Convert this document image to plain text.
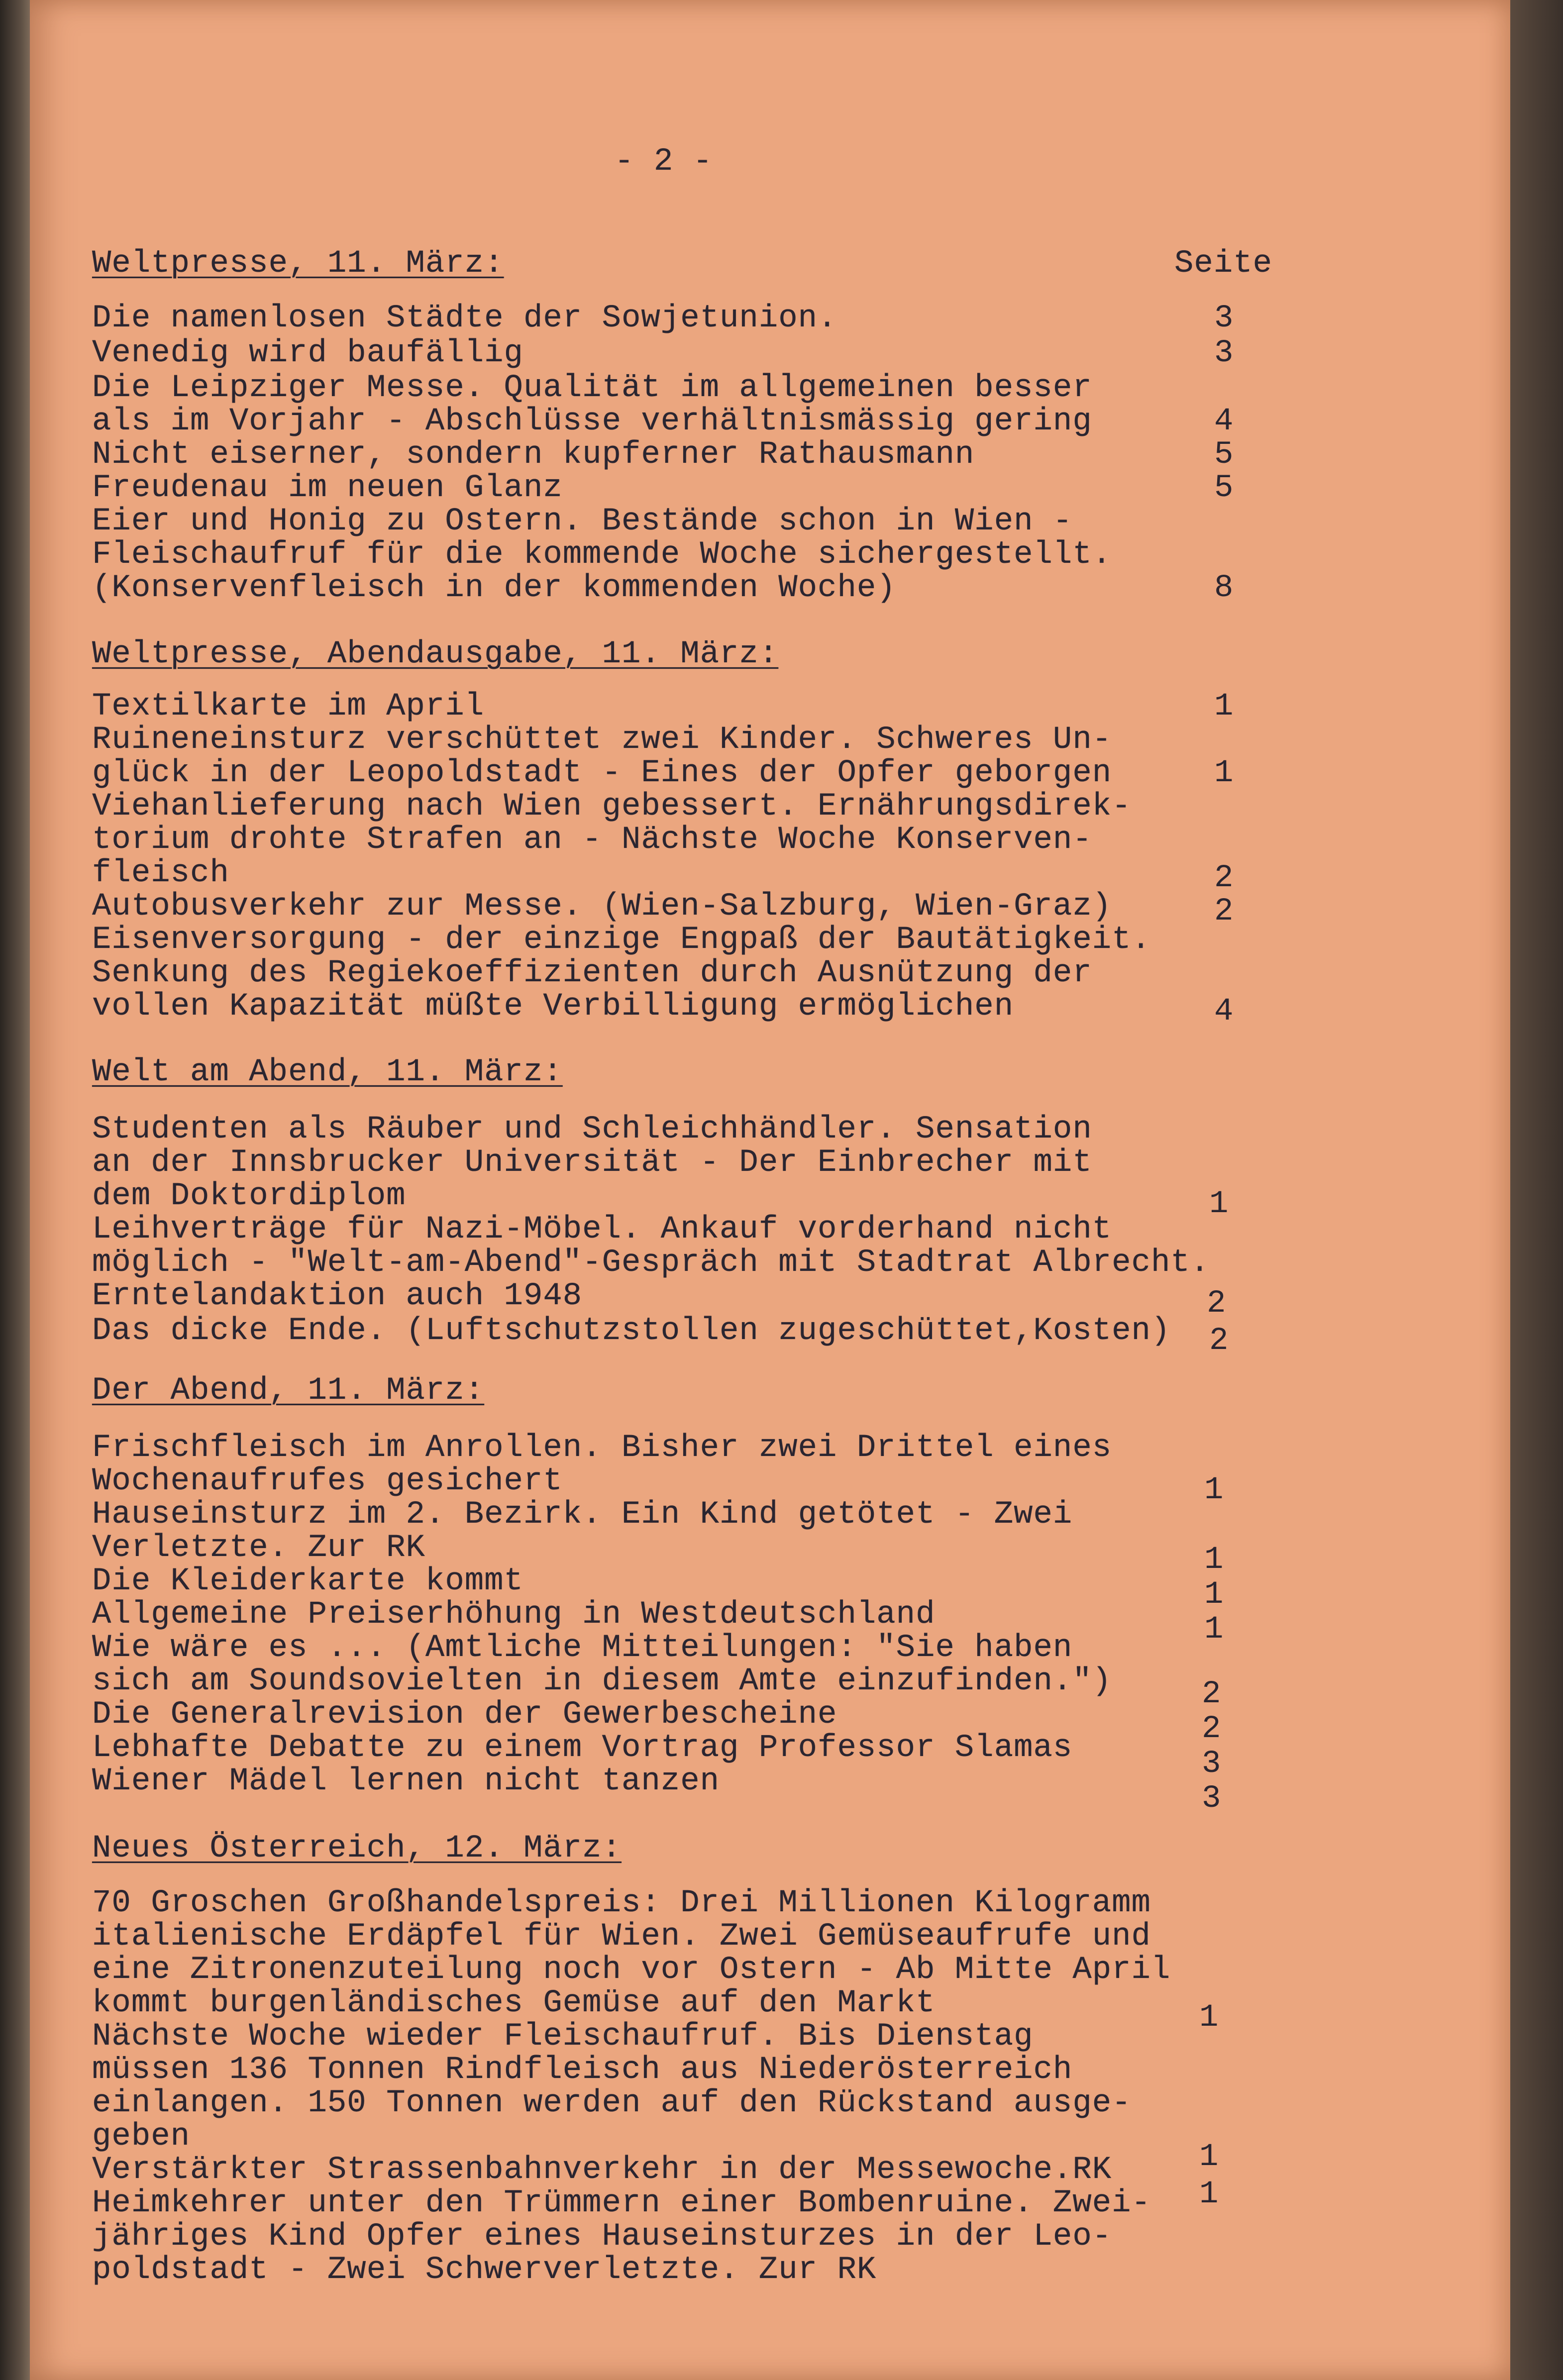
- 2 -
Seite
Weltpresse, 11. März:
Die namenlosen Städte der Sowjetunion.	3
Venedig wird baufällig	3
Die Leipziger Messe. Qualität im allgemeinen besser
als im Vorjahr - Abschlüsse verhältnismässig gering	4
Nicht eiserner, sondern kupferner Rathausmann	5
Freudenau im neuen Glanz	5
Eier und Honig zu Ostern. Bestände schon in Wien -
Fleischaufruf für die kommende Woche sichergestellt.
(Konservenfleisch in der kommenden Woche)	8
Weltpresse, Abendausgabe, 11. März:
Textilkarte im April	1
Ruineneinsturz verschüttet zwei Kinder. Schweres Un-
glück in der Leopoldstadt - Eines der Opfer geborgen	1
Viehanlieferung nach Wien gebessert. Ernährungsdirek-
torium drohte Strafen an - Nächste Woche Konserven-
fleisch	2
Autobusverkehr zur Messe. (Wien-Salzburg, Wien-Graz)	2
Eisenversorgung - der einzige Engpaß der Bautätigkeit.
Senkung des Regiekoeffizienten durch Ausnützung der
vollen Kapazität müßte Verbilligung ermöglichen	4
Welt am Abend, 11. März:
Studenten als Räuber und Schleichhändler. Sensation
an der Innsbrucker Universität - Der Einbrecher mit
dem Doktordiplom	1
Leihverträge für Nazi-Möbel. Ankauf vorderhand nicht
möglich - "Welt-am-Abend"-Gespräch mit Stadtrat Albrecht.
Erntelandaktion auch 1948	2
Das dicke Ende. (Luftschutzstollen zugeschüttet,Kosten) 2
Der Abend, 11. März:
Frischfleisch im Anrollen. Bisher zwei Drittel eines
Wochenaufrufes gesichert	1
Hauseinsturz im 2. Bezirk. Ein Kind getötet - Zwei
Verletzte. Zur RK	1
Die Kleiderkarte kommt	1
Allgemeine Preiserhöhung in Westdeutschland	1
Wie wäre es ... (Amtliche Mitteilungen: "Sie haben
sich am Soundsovielten in diesem Amte einzufinden.")	2
Die Generalrevision der Gewerbescheine	2
Lebhafte Debatte zu einem Vortrag Professor Slamas	3
Wiener Mädel lernen nicht tanzen	3
Neues Österreich, 12. März:
70 Groschen Großhandelspreis: Drei Millionen Kilogramm
italienische Erdäpfel für Wien. Zwei Gemüseaufrufe und
eine Zitronenzuteilung noch vor Ostern - Ab Mitte April
kommt burgenländisches Gemüse auf den Markt	1
Nächste Woche wieder Fleischaufruf. Bis Dienstag
müssen 136 Tonnen Rindfleisch aus Niederösterreich
einlangen. 150 Tonnen werden auf den Rückstand ausge-
geben
Verstärkter Strassenbahnverkehr in der Messewoche.RK	1
Heimkehrer unter den Trümmern einer Bombenruine. Zwei-
jähriges Kind Opfer eines Hauseinsturzes in der Leo-
poldstadt - Zwei Schwerverletzte. Zur RK
1
